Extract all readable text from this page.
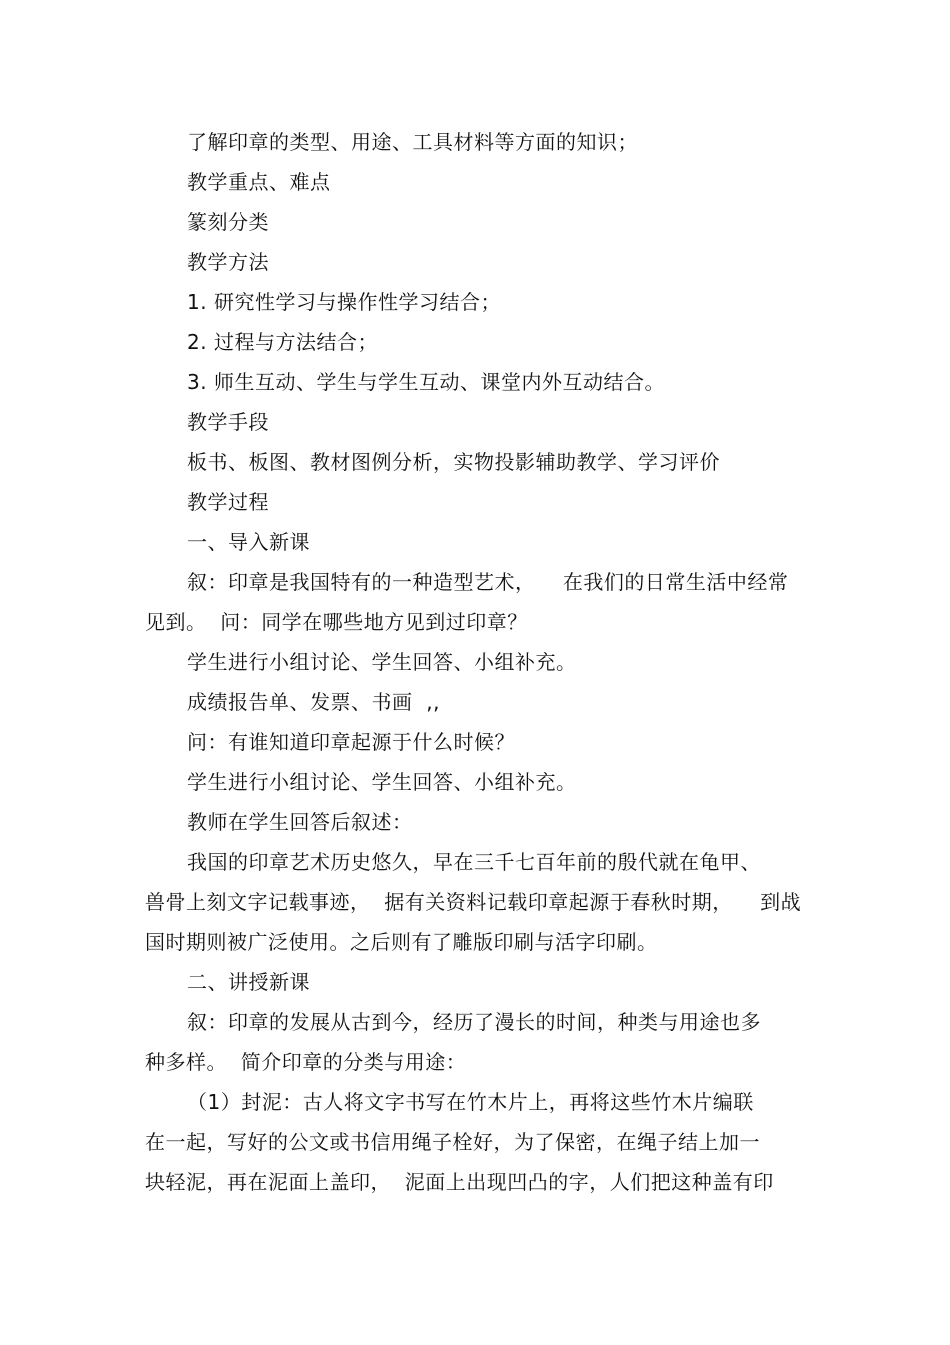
了解印章的类型、用途、工具材料等方面的知识；
教学重点、难点
篆刻分类
教学方法
1. 研究性学习与操作性学习结合；
2. 过程与方法结合；
3. 师生互动、学生与学生互动、课堂内外互动结合。
教学手段
板书、板图、教材图例分析，实物投影辅助教学、学习评价
教学过程
一、导入新课
叙：印章是我国特有的一种造型艺术，    在我们的日常生活中经常
见到。  问：同学在哪些地方见到过印章？
学生进行小组讨论、学生回答、小组补充。
成绩报告单、发票、书画  ,,
问：有谁知道印章起源于什么时候？
学生进行小组讨论、学生回答、小组补充。
教师在学生回答后叙述：
我国的印章艺术历史悠久，早在三千七百年前的殷代就在龟甲、
兽骨上刻文字记载事迹，  据有关资料记载印章起源于春秋时期，    到战
国时期则被广泛使用。之后则有了雕版印刷与活字印刷。
二、讲授新课
叙：印章的发展从古到今，经历了漫长的时间，种类与用途也多
种多样。  简介印章的分类与用途：
（1）封泥：古人将文字书写在竹木片上，再将这些竹木片编联
在一起，写好的公文或书信用绳子栓好，为了保密，在绳子结上加一
块轻泥，再在泥面上盖印，  泥面上出现凹凸的字，人们把这种盖有印
